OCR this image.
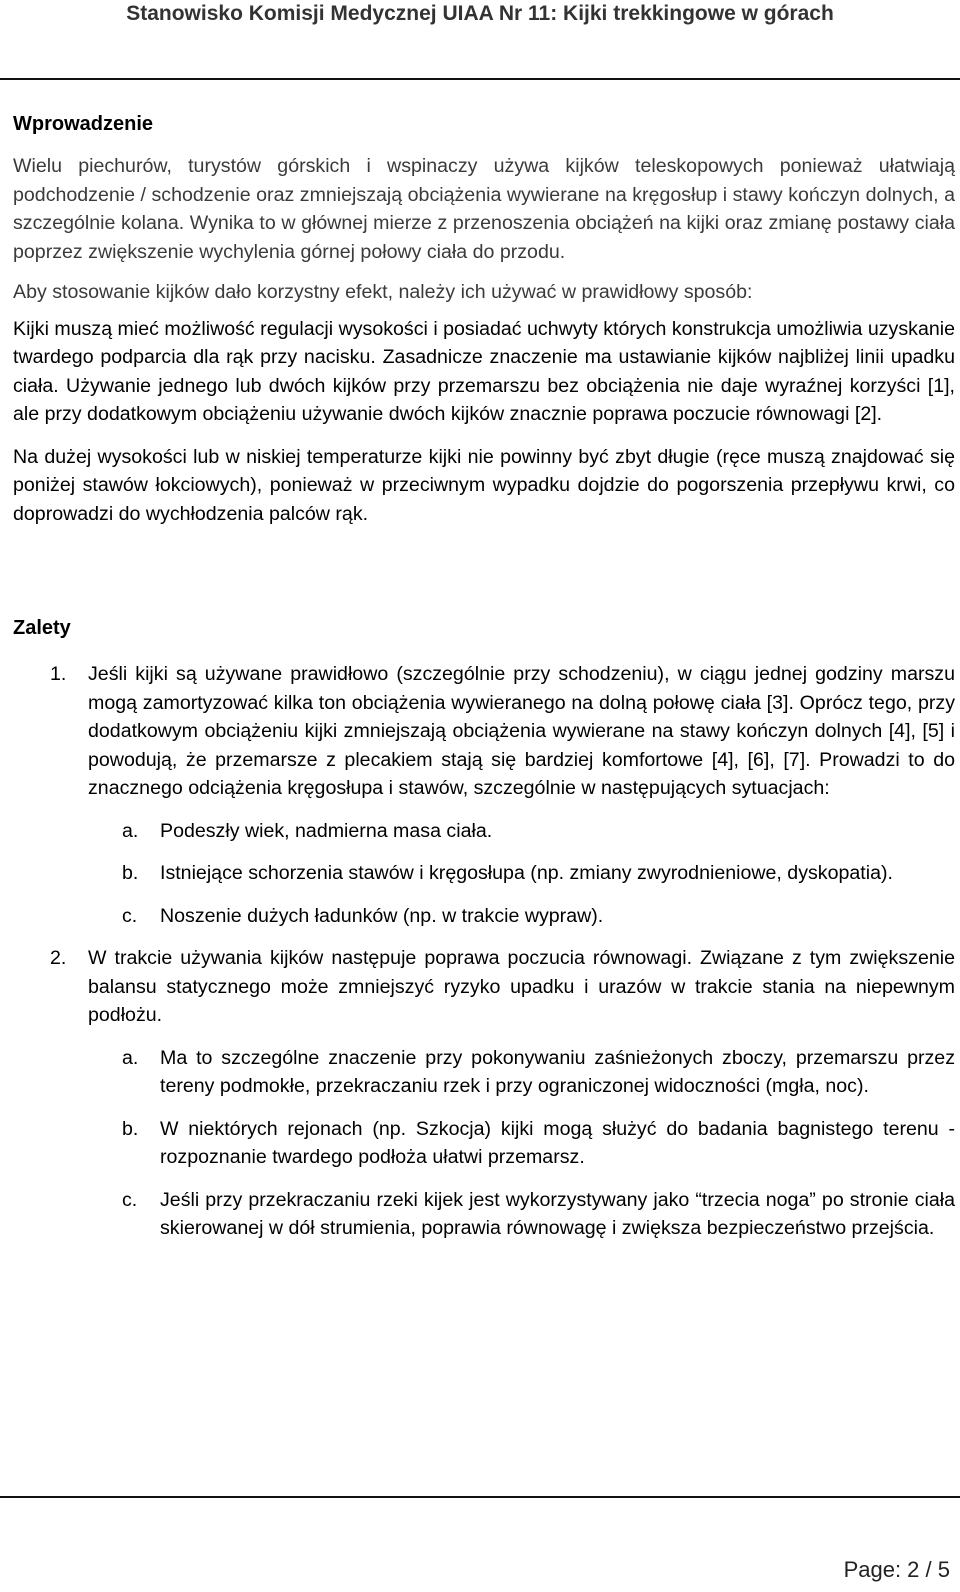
Stanowisko Komisji Medycznej UIAA Nr 11: Kijki trekkingowe w górach
Wprowadzenie

Wielu piechurów, turystów górskich i wspinaczy używa kijków teleskopowych ponieważ ułatwiają podchodzenie / schodzenie oraz zmniejszają obciążenia wywierane na kręgosłup i stawy kończyn dolnych, a szczególnie kolana. Wynika to w głównej mierze z przenoszenia obciążeń na kijki oraz zmianę postawy ciała poprzez zwiększenie wychylenia górnej połowy ciała do przodu.

Aby stosowanie kijków dało korzystny efekt, należy ich używać w prawidłowy sposób:

Kijki muszą mieć możliwość regulacji wysokości i posiadać uchwyty których konstrukcja umożliwia uzyskanie twardego podparcia dla rąk przy nacisku. Zasadnicze znaczenie ma ustawianie kijków najbliżej linii upadku ciała. Używanie jednego lub dwóch kijków przy przemarszu bez obciążenia nie daje wyraźnej korzyści [1], ale przy dodatkowym obciążeniu używanie dwóch kijków znacznie poprawa poczucie równowagi [2].

Na dużej wysokości lub w niskiej temperaturze kijki nie powinny być zbyt długie (ręce muszą znajdować się poniżej stawów łokciowych), ponieważ w przeciwnym wypadku dojdzie do pogorszenia przepływu krwi, co doprowadzi do wychłodzenia palców rąk.

Zalety
1. Jeśli kijki są używane prawidłowo (szczególnie przy schodzeniu), w ciągu jednej godziny marszu mogą zamortyzować kilka ton obciążenia wywieranego na dolną połowę ciała [3]. Oprócz tego, przy dodatkowym obciążeniu kijki zmniejszają obciążenia wywierane na stawy kończyn dolnych [4], [5] i powodują, że przemarsze z plecakiem stają się bardziej komfortowe [4], [6], [7]. Prowadzi to do znacznego odciążenia kręgosłupa i stawów, szczególnie w następujących sytuacjach:

a. Podeszły wiek, nadmierna masa ciała.

b. Istniejące schorzenia stawów i kręgosłupa (np. zmiany zwyrodnieniowe, dyskopatia).

c. Noszenie dużych ładunków (np. w trakcie wypraw).

2. W trakcie używania kijków następuje poprawa poczucia równowagi. Związane z tym zwiększenie balansu statycznego może zmniejszyć ryzyko upadku i urazów w trakcie stania na niepewnym podłożu.

a. Ma to szczególne znaczenie przy pokonywaniu zaśnieżonych zboczy, przemarszu przez tereny podmokłe, przekraczaniu rzek i przy ograniczonej widoczności (mgła, noc).

b. W niektórych rejonach (np. Szkocja) kijki mogą służyć do badania bagnistego terenu - rozpoznanie twardego podłoża ułatwi przemarsz.

c. Jeśli przy przekraczaniu rzeki kijek jest wykorzystywany jako “trzecia noga” po stronie ciała skierowanej w dół strumienia, poprawia równowagę i zwiększa bezpieczeństwo przejścia.

Page: 2 / 5
